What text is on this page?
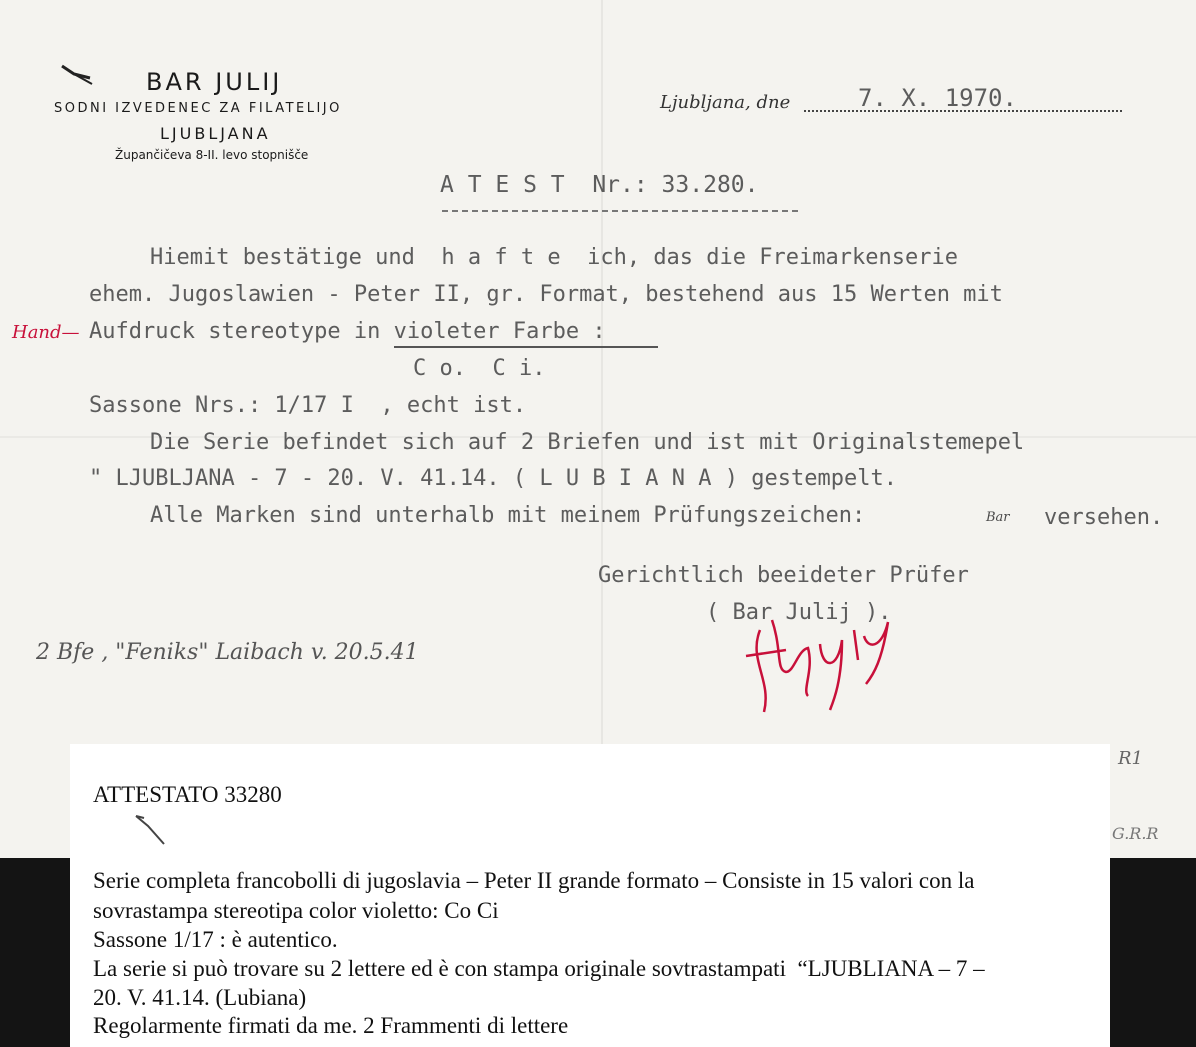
BAR JULIJ
SODNI IZVEDENEC ZA FILATELIJO
LJUBLJANA
Župančičeva 8-II. levo stopnišče
Ljubljana, dne	7. X. 1970.
A T E S T  Nr.: 33.280.
Hiemit bestätige und  h a f t e  ich, das die Freimarkenserie
ehem. Jugoslawien - Peter II, gr. Format, bestehend aus 15 Werten mit
Hand— Aufdruck stereotype in violeter Farbe :
C o.  C i.
Sassone Nrs.: 1/17 I  , echt ist.
Die Serie befindet sich auf 2 Briefen und ist mit Originalstemepel
" LJUBLJANA - 7 - 20. V. 41.14. ( L U B I A N A ) gestempelt.
Alle Marken sind unterhalb mit meinem Prüfungszeichen:	Bar versehen.
Gerichtlich beeideter Prüfer
( Bar Julij ).
2 Bfe , "Feniks" Laibach v. 20.5.41
R1
G.R.R
ATTESTATO 33280
Serie completa francobolli di jugoslavia – Peter II grande formato – Consiste in 15 valori con la
sovrastampa stereotipa color violetto: Co Ci
Sassone 1/17 : è autentico.
La serie si può trovare su 2 lettere ed è con stampa originale sovtrastampati  “LJUBLIANA – 7 –
20. V. 41.14. (Lubiana)
Regolarmente firmati da me. 2 Frammenti di lettere
